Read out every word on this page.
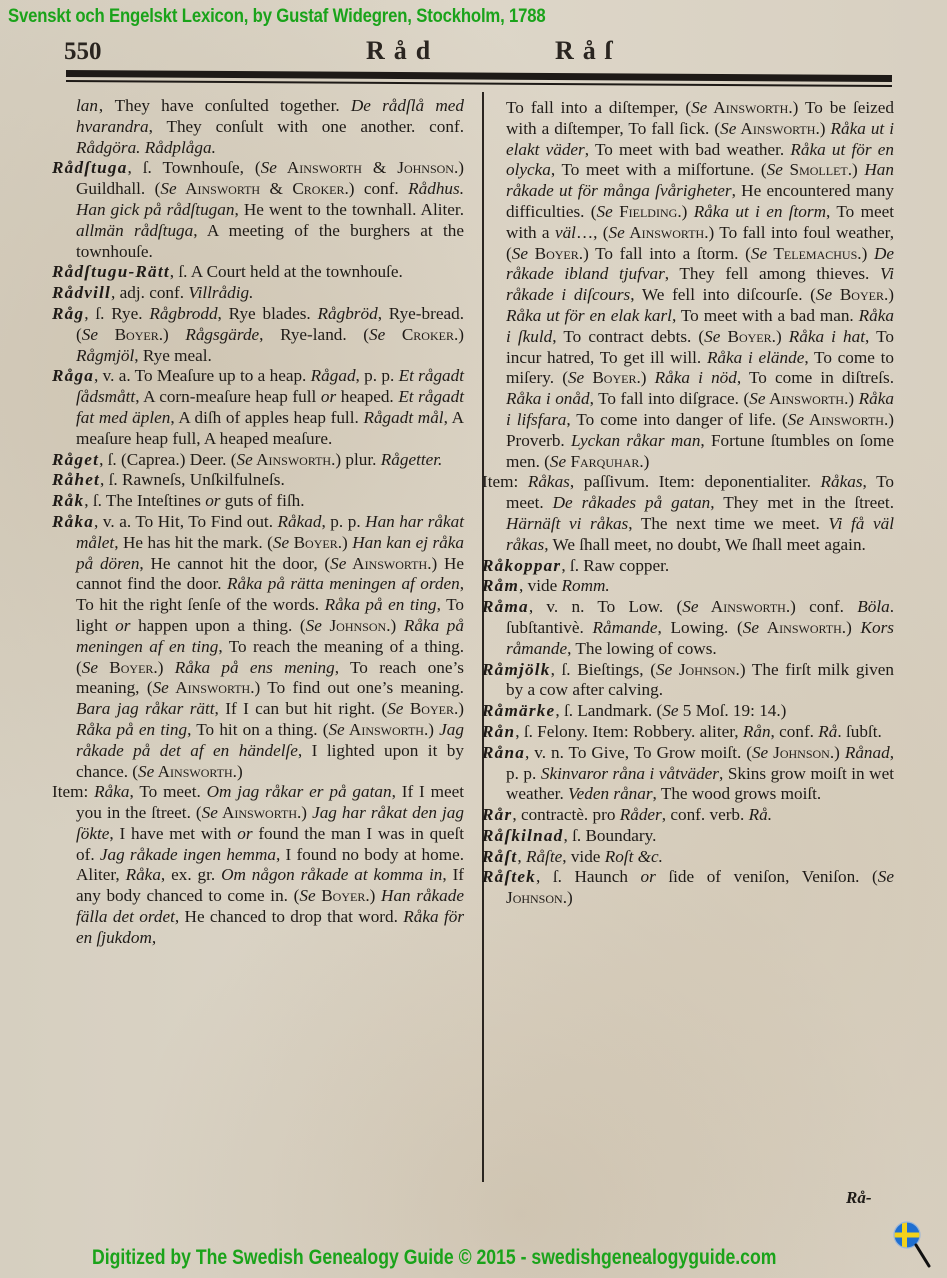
Svenskt och Engelskt Lexicon, by Gustaf Widegren, Stockholm, 1788
550	Råd	Råſ

lan‚ They have conſulted together. De rådſlå med hvarandra, They conſult with one another. conf. Rådgöra. Rådplåga.

Rådſtuga, ſ. Townhouſe, (Se Ainsworth & Johnson.) Guildhall. (Se Ainsworth & Croker.) conf. Rådhus. Han gick på rådſtugan, He went to the townhall. Aliter. allmän rådſtuga, A meeting of the burghers at the townhouſe.

Rådſtugu-Rätt, ſ. A Court held at the townhouſe.

Rådvill, adj. conf. Villrådig.

Råg, ſ. Rye. Rågbrodd, Rye blades. Rågbröd, Rye-bread. (Se Boyer.) Rågsgärde, Rye-land. (Se Croker.) Rågmjöl, Rye meal.

Råga, v. a. To Meaſure up to a heap. Rågad, p. p. Et rågadt ſådsmått, A corn-meaſure heap full or heaped. Et rågadt fat med äplen, A diſh of apples heap full. Rågadt mål, A meaſure heap full, A heaped meaſure.

Råget, ſ. (Caprea.) Deer. (Se Ainsworth.) plur. Rågetter.

Råhet, ſ. Rawneſs, Unſkilfulneſs.

Råk, ſ. The Inteſtines or guts of fiſh.

Råka, v. a. To Hit, To Find out. Råkad, p. p. Han har råkat målet, He has hit the mark. (Se Boyer.) Han kan ej råka på dören, He cannot hit the door, (Se Ainsworth.) He cannot find the door. Råka på rätta meningen af orden, To hit the right ſenſe of the words. Råka på en ting, To light or happen upon a thing. (Se Johnson.) Råka på meningen af en ting, To reach the meaning of a thing. (Se Boyer.) Råka på ens mening, To reach one’s meaning, (Se Ainsworth.) To find out one’s meaning. Bara jag råkar rätt, If I can but hit right. (Se Boyer.) Råka på en ting, To hit on a thing. (Se Ainsworth.) Jag råkade på det af en händelſe, I lighted upon it by chance. (Se Ainsworth.)

Item: Råka, To meet. Om jag råkar er på gatan, If I meet you in the ſtreet. (Se Ainsworth.) Jag har råkat den jag ſökte, I have met with or found the man I was in queſt of. Jag råkade ingen hemma, I found no body at home. Aliter, Råka, ex. gr. Om någon råkade at komma in, If any body chanced to come in. (Se Boyer.) Han råkade fälla det ordet, He chanced to drop that word. Råka för en ſjukdom,

To fall into a diſtemper, (Se Ainsworth.) To be ſeized with a diſtemper, To fall ſick. (Se Ainsworth.) Råka ut i elakt väder, To meet with bad weather. Råka ut för en olycka, To meet with a miſfortune. (Se Smollet.) Han råkade ut för många ſvårigheter, He encountered many difficulties. (Se Fielding.) Råka ut i en ſtorm, To meet with a väl…, (Se Ainsworth.) To fall into foul weather, (Se Boyer.) To fall into a ſtorm. (Se Telemachus.) De råkade ibland tjufvar, They fell among thieves. Vi råkade i diſcours, We fell into diſcourſe. (Se Boyer.) Råka ut för en elak karl, To meet with a bad man. Råka i ſkuld, To contract debts. (Se Boyer.) Råka i hat, To incur hatred, To get ill will. Råka i elände, To come to miſery. (Se Boyer.) Råka i nöd, To come in diſtreſs. Råka i onåd, To fall into diſgrace. (Se Ainsworth.) Råka i lifsfara, To come into danger of life. (Se Ainsworth.) Proverb. Lyckan råkar man, Fortune ſtumbles on ſome men. (Se Farquhar.)

Item: Råkas, paſſivum. Item: deponentialiter. Råkas, To meet. De råkades på gatan, They met in the ſtreet. Härnäſt vi råkas, The next time we meet. Vi få väl råkas, We ſhall meet, no doubt, We ſhall meet again.

Råkoppar, ſ. Raw copper.

Råm, vide Romm.

Råma, v. n. To Low. (Se Ainsworth.) conf. Böla. ſubſtantivè. Råmande, Lowing. (Se Ainsworth.) Kors råmande, The lowing of cows.

Råmjölk, ſ. Bieſtings, (Se Johnson.) The firſt milk given by a cow after calving.

Råmärke, ſ. Landmark. (Se 5 Moſ. 19: 14.)

Rån, ſ. Felony. Item: Robbery. aliter, Rån, conf. Rå. ſubſt.

Råna, v. n. To Give, To Grow moiſt. (Se Johnson.) Rånad, p. p. Skinvaror råna i våtväder, Skins grow moiſt in wet weather. Veden rånar, The wood grows moiſt.

Rår, contractè. pro Råder, conf. verb. Rå.

Råſkilnad, ſ. Boundary.

Råſt, Råſte, vide Roſt &c.

Råſtek, ſ. Haunch or ſide of veniſon, Veniſon. (Se Johnson.)

Rå-
Digitized by The Swedish Genealogy Guide © 2015 - swedishgenealogyguide.com
